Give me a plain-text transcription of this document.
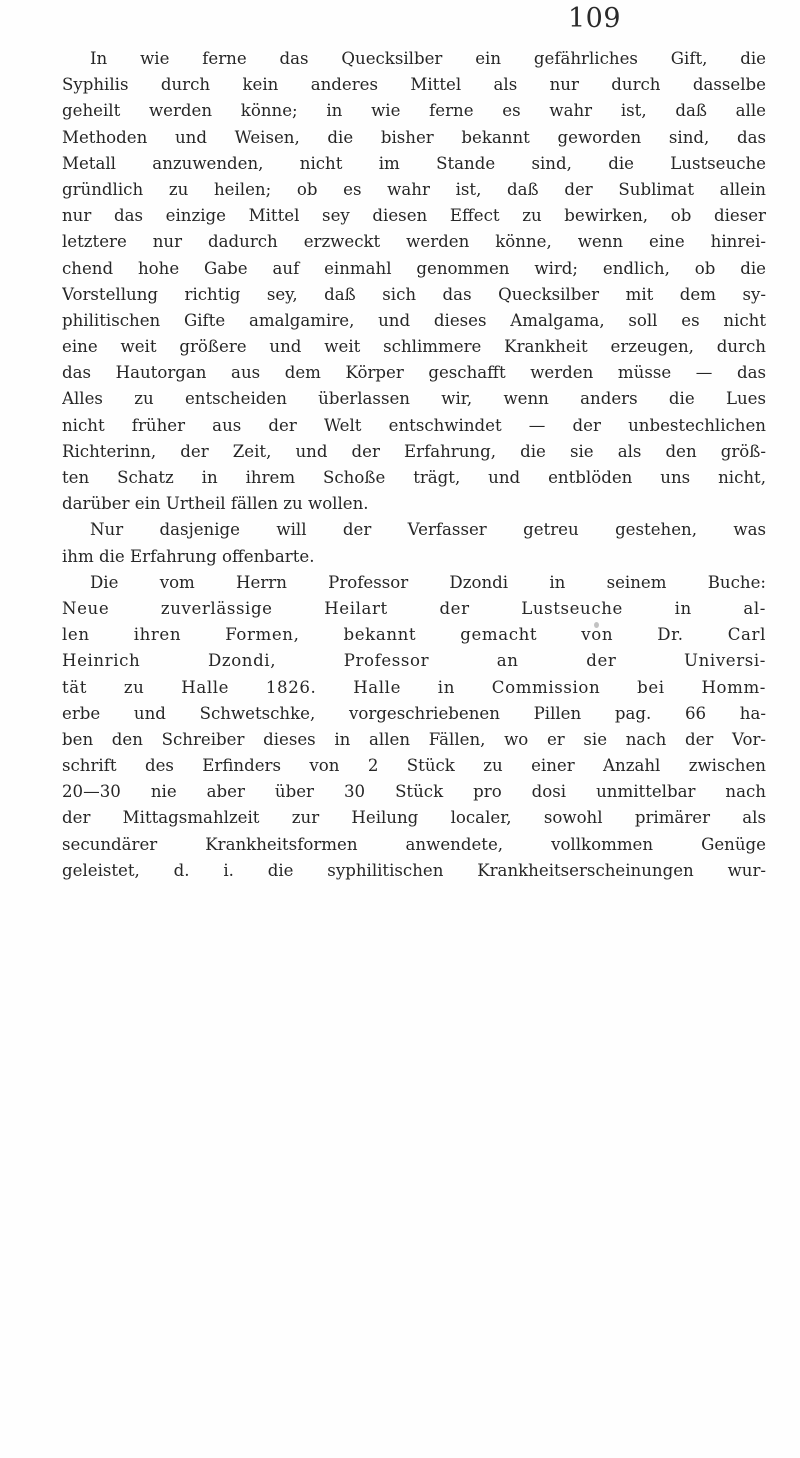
109
In wie ferne das Quecksilber ein gefährliches Gift, die
Syphilis durch kein anderes Mittel als nur durch dasselbe
geheilt werden könne; in wie ferne es wahr ist, daß alle
Methoden und Weisen, die bisher bekannt geworden sind, das
Metall anzuwenden, nicht im Stande sind, die Lustseuche
gründlich zu heilen; ob es wahr ist, daß der Sublimat allein
nur das einzige Mittel sey diesen Effect zu bewirken, ob dieser
letztere nur dadurch erzweckt werden könne, wenn eine hinrei-
chend hohe Gabe auf einmahl genommen wird; endlich, ob die
Vorstellung richtig sey, daß sich das Quecksilber mit dem sy-
philitischen Gifte amalgamire, und dieses Amalgama, soll es nicht
eine weit größere und weit schlimmere Krankheit erzeugen, durch
das Hautorgan aus dem Körper geschafft werden müsse — das
Alles zu entscheiden überlassen wir, wenn anders die Lues
nicht früher aus der Welt entschwindet — der unbestechlichen
Richterinn, der Zeit, und der Erfahrung, die sie als den größ-
ten Schatz in ihrem Schoße trägt, und entblöden uns nicht,
darüber ein Urtheil fällen zu wollen.
Nur dasjenige will der Verfasser getreu gestehen, was
ihm die Erfahrung offenbarte.
Die vom Herrn Professor Dzondi in seinem Buche:
Neue zuverlässige Heilart der Lustseuche in al-
len ihren Formen, bekannt gemacht von Dr. Carl
Heinrich Dzondi, Professor an der Universi-
tät zu Halle 1826. Halle in Commission bei Homm-
erbe und Schwetschke, vorgeschriebenen Pillen pag. 66 ha-
ben den Schreiber dieses in allen Fällen, wo er sie nach der Vor-
schrift des Erfinders von 2 Stück zu einer Anzahl zwischen
20—30 nie aber über 30 Stück pro dosi unmittelbar nach
der Mittagsmahlzeit zur Heilung localer, sowohl primärer als
secundärer Krankheitsformen anwendete, vollkommen Genüge
geleistet, d. i. die syphilitischen Krankheitserscheinungen wur-
